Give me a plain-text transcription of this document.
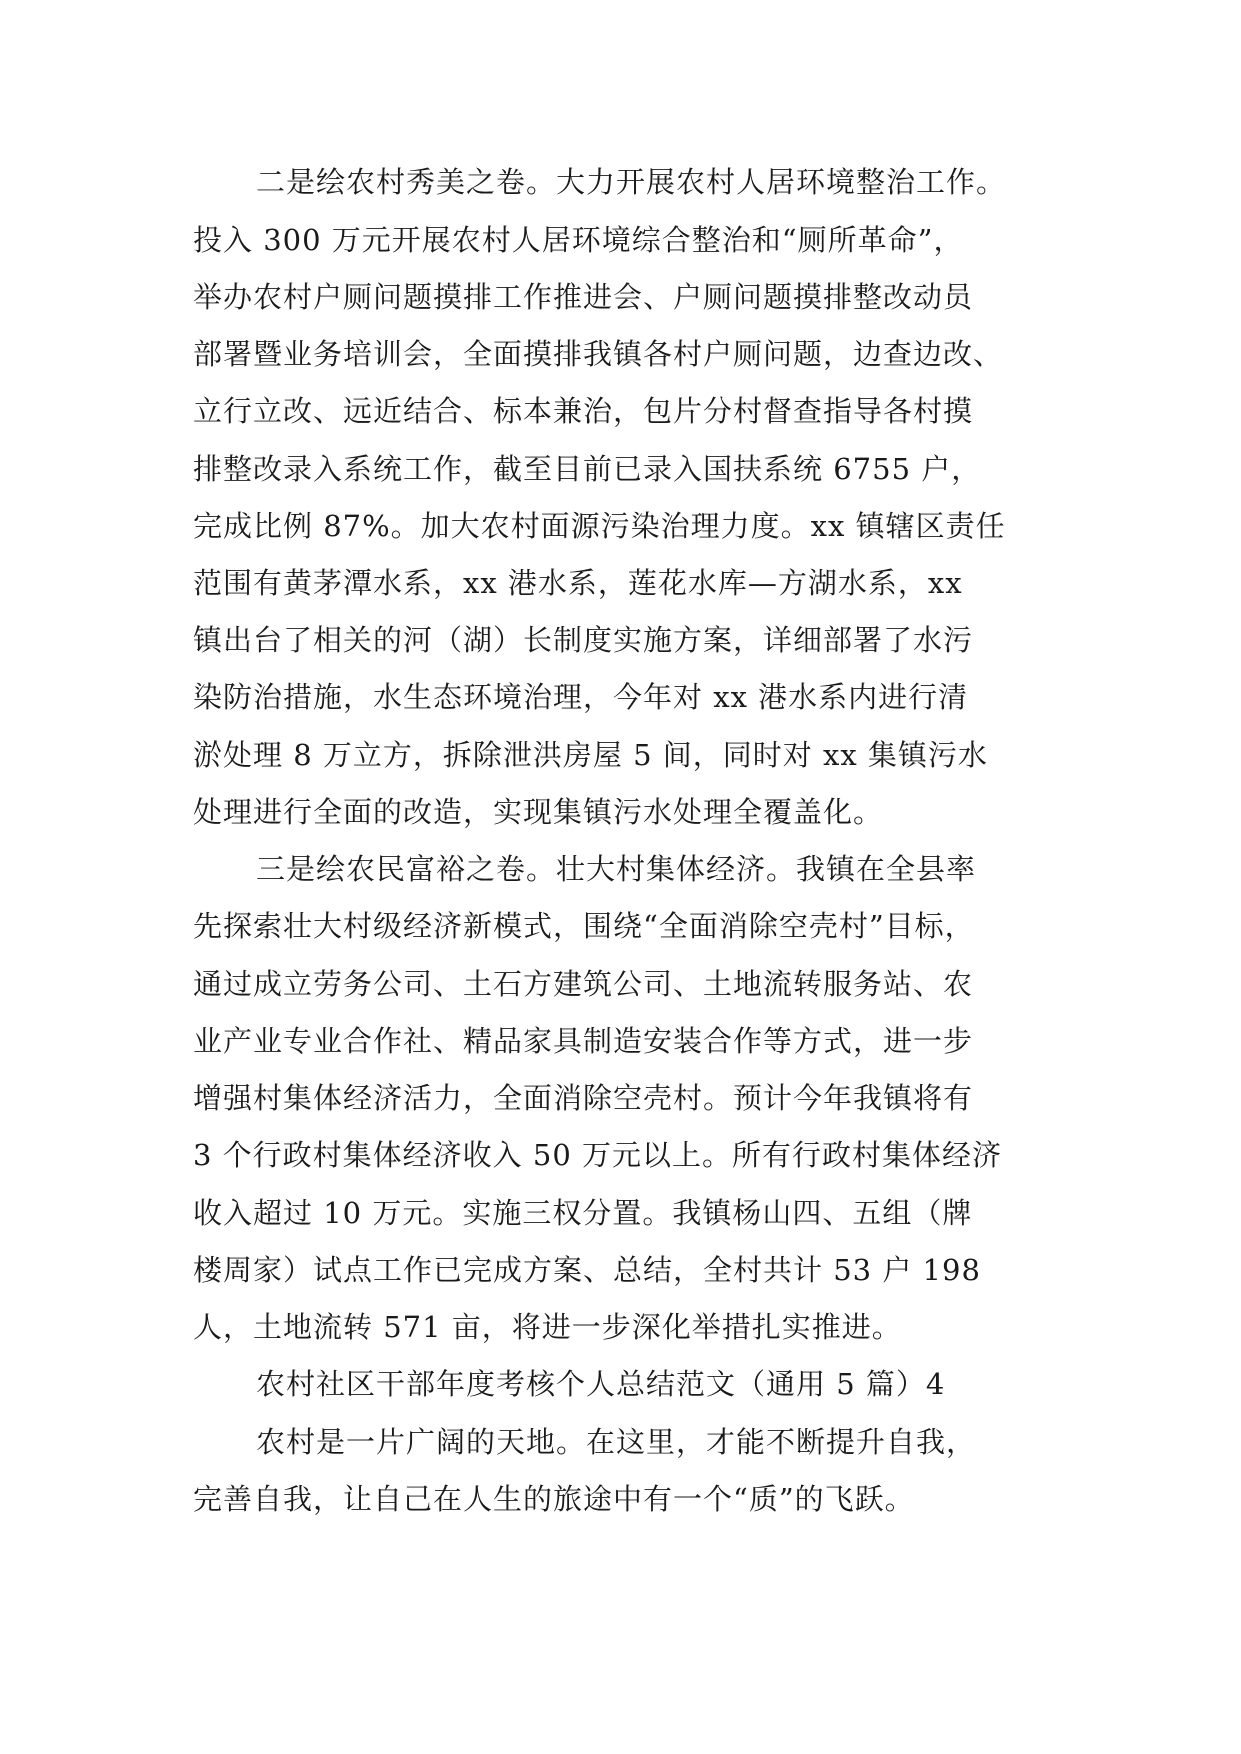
二是绘农村秀美之卷。大力开展农村人居环境整治工作。
投入 300 万元开展农村人居环境综合整治和“厕所革命”，
举办农村户厕问题摸排工作推进会、户厕问题摸排整改动员
部署暨业务培训会，全面摸排我镇各村户厕问题，边查边改、
立行立改、远近结合、标本兼治，包片分村督查指导各村摸
排整改录入系统工作，截至目前已录入国扶系统 6755 户，
完成比例 87%。加大农村面源污染治理力度。xx 镇辖区责任
范围有黄茅潭水系，xx 港水系，莲花水库—方湖水系，xx
镇出台了相关的河（湖）长制度实施方案，详细部署了水污
染防治措施，水生态环境治理，今年对 xx 港水系内进行清
淤处理 8 万立方，拆除泄洪房屋 5 间，同时对 xx 集镇污水
处理进行全面的改造，实现集镇污水处理全覆盖化。
三是绘农民富裕之卷。壮大村集体经济。我镇在全县率
先探索壮大村级经济新模式，围绕“全面消除空壳村”目标，
通过成立劳务公司、土石方建筑公司、土地流转服务站、农
业产业专业合作社、精品家具制造安装合作等方式，进一步
增强村集体经济活力，全面消除空壳村。预计今年我镇将有
3 个行政村集体经济收入 50 万元以上。所有行政村集体经济
收入超过 10 万元。实施三权分置。我镇杨山四、五组（牌
楼周家）试点工作已完成方案、总结，全村共计 53 户 198
人，土地流转 571 亩，将进一步深化举措扎实推进。
农村社区干部年度考核个人总结范文（通用 5 篇）4
农村是一片广阔的天地。在这里，才能不断提升自我，
完善自我，让自己在人生的旅途中有一个“质”的飞跃。
